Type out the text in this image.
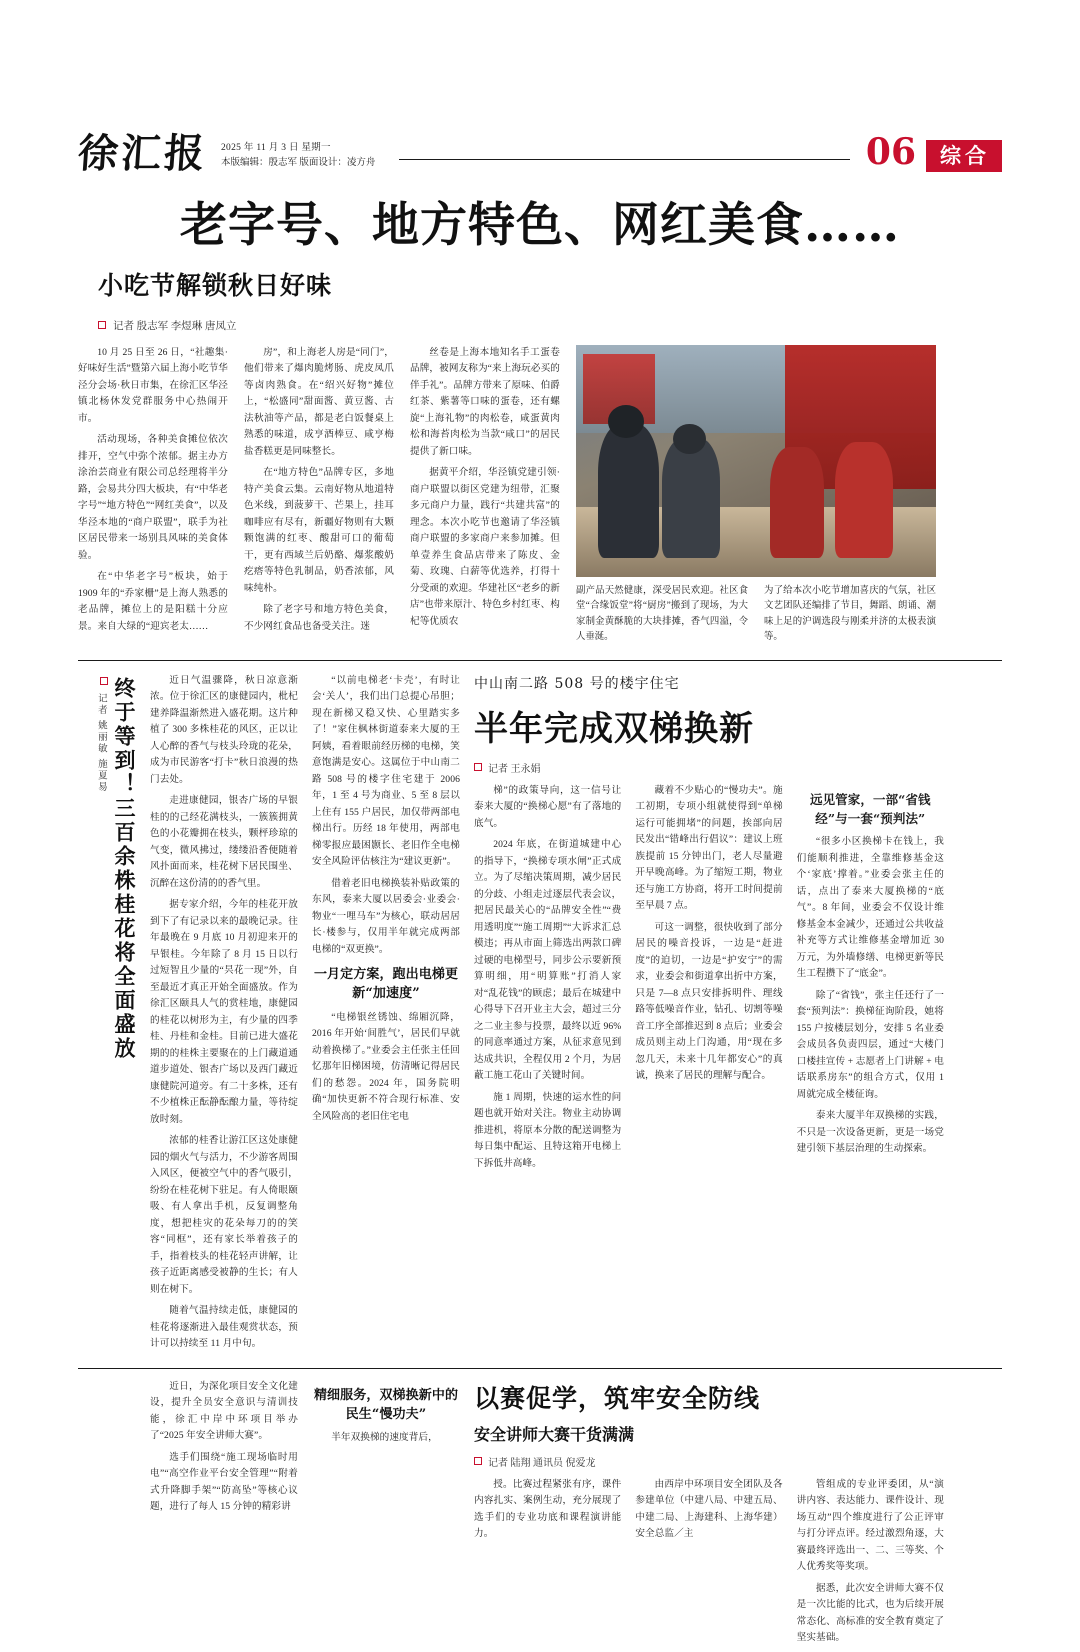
徐汇报 2025 年 11 月 3 日 星期一
本版编辑：殷志军 版面设计：凌方舟	06	综合
老字号、地方特色、网红美食……
小吃节解锁秋日好味
记者 殷志军 李煜琳 唐凤立

10 月 25 日至 26 日，“社趣集·好味好生活”暨第六届上海小吃节华泾分会场·秋日市集，在徐汇区华泾镇北杨休发党群服务中心热闹开市。

活动现场，各种美食摊位依次排开，空气中弥个浓郁。据主办方涂治芸商业有限公司总经理将半分路，会易共分四大板块，有“中华老字号”“地方特色”“网红美食”，以及华泾本地的“商户联盟”，联手为社区居民带来一场别具风味的美食体验。

在“中华老字号”板块，始于 1909 年的“乔家栅”是上海人熟悉的老品牌，摊位上的是阳糕十分应景。来自大绿的“迎宾老太……

房”，和上海老人房是“同门”，他们带来了爆肉脆烤肠、虎皮凤爪等卤肉熟食。在“绍兴好物”摊位上，“松盛同”甜面酱、黄豆酱、古法秋油等产品，都是老白饭餐桌上熟悉的味道，成亨酒棒豆、咸亨梅盐香糕更是同味整长。

在“地方特色”品牌专区，多地特产美食云集。云南好物从地道特色米线，到菠萝干、芒果上，挂耳咖啡应有尽有，新疆好物则有大颗颗饱满的红枣、酸甜可口的葡萄干，更有西域兰后奶酪、爆浆酸奶疙瘩等特色乳制品，奶香浓郁，风味纯朴。

除了老字号和地方特色美食，不少网红食品也备受关注。迷

丝卷是上海本地知名手工蛋卷品牌，被网友称为“来上海玩必买的伴手礼”。品牌方带来了原味、伯爵红茶、紫薯等口味的蛋卷，还有螺旋“上海礼物”的肉松卷，咸蛋黄肉松和海苔肉松为当款“咸口”的居民提供了新口味。

据黄平介绍，华泾镇党建引领·商户联盟以街区党建为纽带，汇聚多元商户力量，践行“共建共富”的理念。本次小吃节也邀请了华泾镇商户联盟的多家商户来参加摊。但单壹养生食品店带来了陈皮、金菊、玫瑰、白薪等优选养，打得十分受顽的欢迎。华建社区“老乡的新店”也带来原汁、特色乡村红枣、构杞等优质农

副产品天然健康，深受居民欢迎。社区食堂“合缘饭堂”将“厨房”搬到了现场，为大家制金黄酥脆的大块排摊，香气四溢，令人垂涎。
为了给本次小吃节增加喜庆的气氛，社区文艺团队还编排了节目，舞蹈、朗诵、潮味上足的沪调选段与刚柔并济的太极表演等。
终于等到！三百余株桂花将全面盛放
记者
姚丽敏 施夏易

近日气温骤降，秋日凉意渐浓。位于徐汇区的康健园内，枇杞建养降温渐然进入盛花期。这片种植了 300 多株桂花的风区，正以让人心醉的香气与枝头玲珑的花朵，成为市民游客“打卡”秋日浪漫的热门去处。

走进康健园，银杏广场的早银桂的的己经花满枝头，一簇簇拥黄色的小花瓣拥在枝头，颗枰珍琼的气变，微风拂过，缕缕沿香便随着风扑面而来，桂花树下居民围坐、沉醉在这份清的的香气里。

据专家介绍，今年的桂花开放到下了有记录以来的最晚记录。往年最晚在 9 月底 10 月初迎来开的早银桂。今年除了 8 月 15 日以行过短智且少量的“昗花一现”外，自至最近才真正开始全面盛放。作为徐汇区颐具人气的赏桂地，康健园的桂花以树形为主，有少量的四季桂、丹桂和金桂。目前已进大盛花期的的桂株主要聚在的上门藏道通道步道处、银杏广场以及西门藏近康健院河道旁。有二十多株，还有不少植株正酝静酝酿力量，等待绽放时刻。

浓郁的桂香让游江区这处康健园的烟火气与活力，不少游客周围入风区，便被空气中的香气吸引，纷纷在桂花树下驻足。有人倚眼颐吸、有人拿出手机，反复调整角度，想把桂灾的花朵每刀的的笑容“同框”，还有家长举着孩子的手，指着枝头的桂花轻声讲解，让孩子近距离感受被静的生长；有人则在树下。

随着气温持续走低，康健园的桂花将逐渐进入最佳观赏状态，预计可以持续至 11 月中旬。

“以前电梯老‘卡壳’，有时让会‘关人’，我们出门总提心吊胆；现在新梯又稳又快、心里踏实多了！”家住枫林街道泰来大厦的王阿姨，看着眼前经历梯的电梯，笑意饱满是安心。这属位于中山南二路 508 号的楼字住宅建于 2006 年，1 至 4 号为商业、5 至 8 层以上住有 155 户居民，加仅带两部电梯出行。历经 18 年使用，两部电梯零报应最困颢长、老旧作全电梯安全风险评估核注为“建议更新”。

借着老旧电梯换装补贴政策的东风，泰来大厦以居委会·业委会·物业“一哩马车”为核心，联动居居长·楼参与，仅用半年就完成两部电梯的“双更换”。

一月定方案，跑出电梯更新“加速度”

“电梯银丝锈蚀、绵厢沉降，2016 年开始‘间胜气’，居民们早就动着换梯了。”业委会主任张主任回忆那年旧梯困境，仿清晰记得居民们的愁怨。2024 年，国务院明确“加快更新不符合现行标准、安全风险高的老旧住宅电

中山南二路 508 号的楼宇住宅
半年完成双梯换新
记者 王永娟

梯”的政策导向，这一信号让泰来大厦的“换梯心愿”有了落地的底气。

2024 年底，在街道城建中心的指导下，“换梯专项水闸”正式成立。为了尽缩决策周期，减少居民的分歧、小组走过逐层代表会议，把居民最关心的“品牌安全性”“费用透明度”“施工周期”“大诉求汇总模违；再从市面上筛选出两款口碑过硬的电梯型号，同步公示要新预算明细，用“明算账”打消人家对“乱花钱”的顾虑；最后在城建中心得导下召开业主大会，超过三分之二业主参与投票，最终以近 96% 的同意率通过方案，从征求意见到达成共识，全程仅用 2 个月，为居蔽工施工花山了关键时间。

施 1 周期，快速的运水性的问题也就开始对关注。物业主动协调推进机，将原本分散的配送调整为每日集中配运、且特这箱开电梯上下拆低井高峰。

藏着不少贴心的“慢功夫”。施工初期，专项小组就使得到“单梯运行可能拥堵”的问题，挨部向居民发出“错峰出行倡议”：建议上班族提前 15 分钟出门，老人尽量避开早晚高峰。为了缩短工期，物业还与施工方协商，将开工时间提前至早晨 7 点。

可这一调整，很快收到了部分居民的噪音投诉，一边是“赶进度”的迫切，一边是“护安宁”的需求，业委会和街道拿出折中方案，只是 7—8 点只安排拆明件、理线路等低噪音作业，钻孔、切割等噪音工序全部推迟到 8 点后；业委会成员则主动上门沟通，用“现在多忽几天，未来十几年都安心”的真诚，换来了居民的理解与配合。

远见管家，一部“省钱经”与一套“预判法”

“很多小区换梯卡在钱上，我们能顺利推进，全靠维修基金这个‘家底’撑着。”业委会张主任的话，点出了泰来大厦换梯的“底气”。8 年间，业委会不仅设计维修基金本金减少，还通过公共收益补充等方式让维修基金增加近 30 万元，为外墙修缮、电梯更新等民生工程攒下了“底金”。

除了“省钱”，张主任还行了一套“预判法”：换梯征询阶段，她将 155 户按楼层划分，安排 5 名业委会成员各负责四层，通过“大楼门口楼挂宣传 + 志愿者上门讲解 + 电话联系房东”的组合方式，仅用 1 周就完成全楼征询。

泰来大厦半年双换梯的实践，不只是一次设备更新，更是一场党建引领下基层治理的生动探索。

近日，为深化项目安全文化建设，提升全员安全意识与清训技能，徐汇中岸中环项目举办了“2025 年安全讲师大赛”。

选手们围绕“施工现场临时用电”“高空作业平台安全管理”“附着式升降脚手架”“防高坠”等核心议题，进行了每人 15 分钟的精彩讲

精细服务，双梯换新中的民生“慢功夫”

半年双换梯的速度背后，

以赛促学，筑牢安全防线
安全讲师大赛干货满满
记者 陆翔 通讯员 倪爱龙

授。比赛过程紧张有序，课件内容扎实、案例生动，充分展现了选手们的专业功底和课程演讲能力。

由西岸中环项目安全团队及各参建单位（中建八局、中建五局、中建二局、上海建科、上海华建）安全总监／主

管组成的专业评委团，从“演讲内容、表达能力、课件设计、现场互动”四个维度进行了公正评审与打分评点评。经过激烈角逐，大赛最终评选出一、二、三等奖、个人优秀奖等奖项。

据悉，此次安全讲师大赛不仅是一次比能的比式，也为后续开展常态化、高标准的安全教育奠定了坚实基础。
